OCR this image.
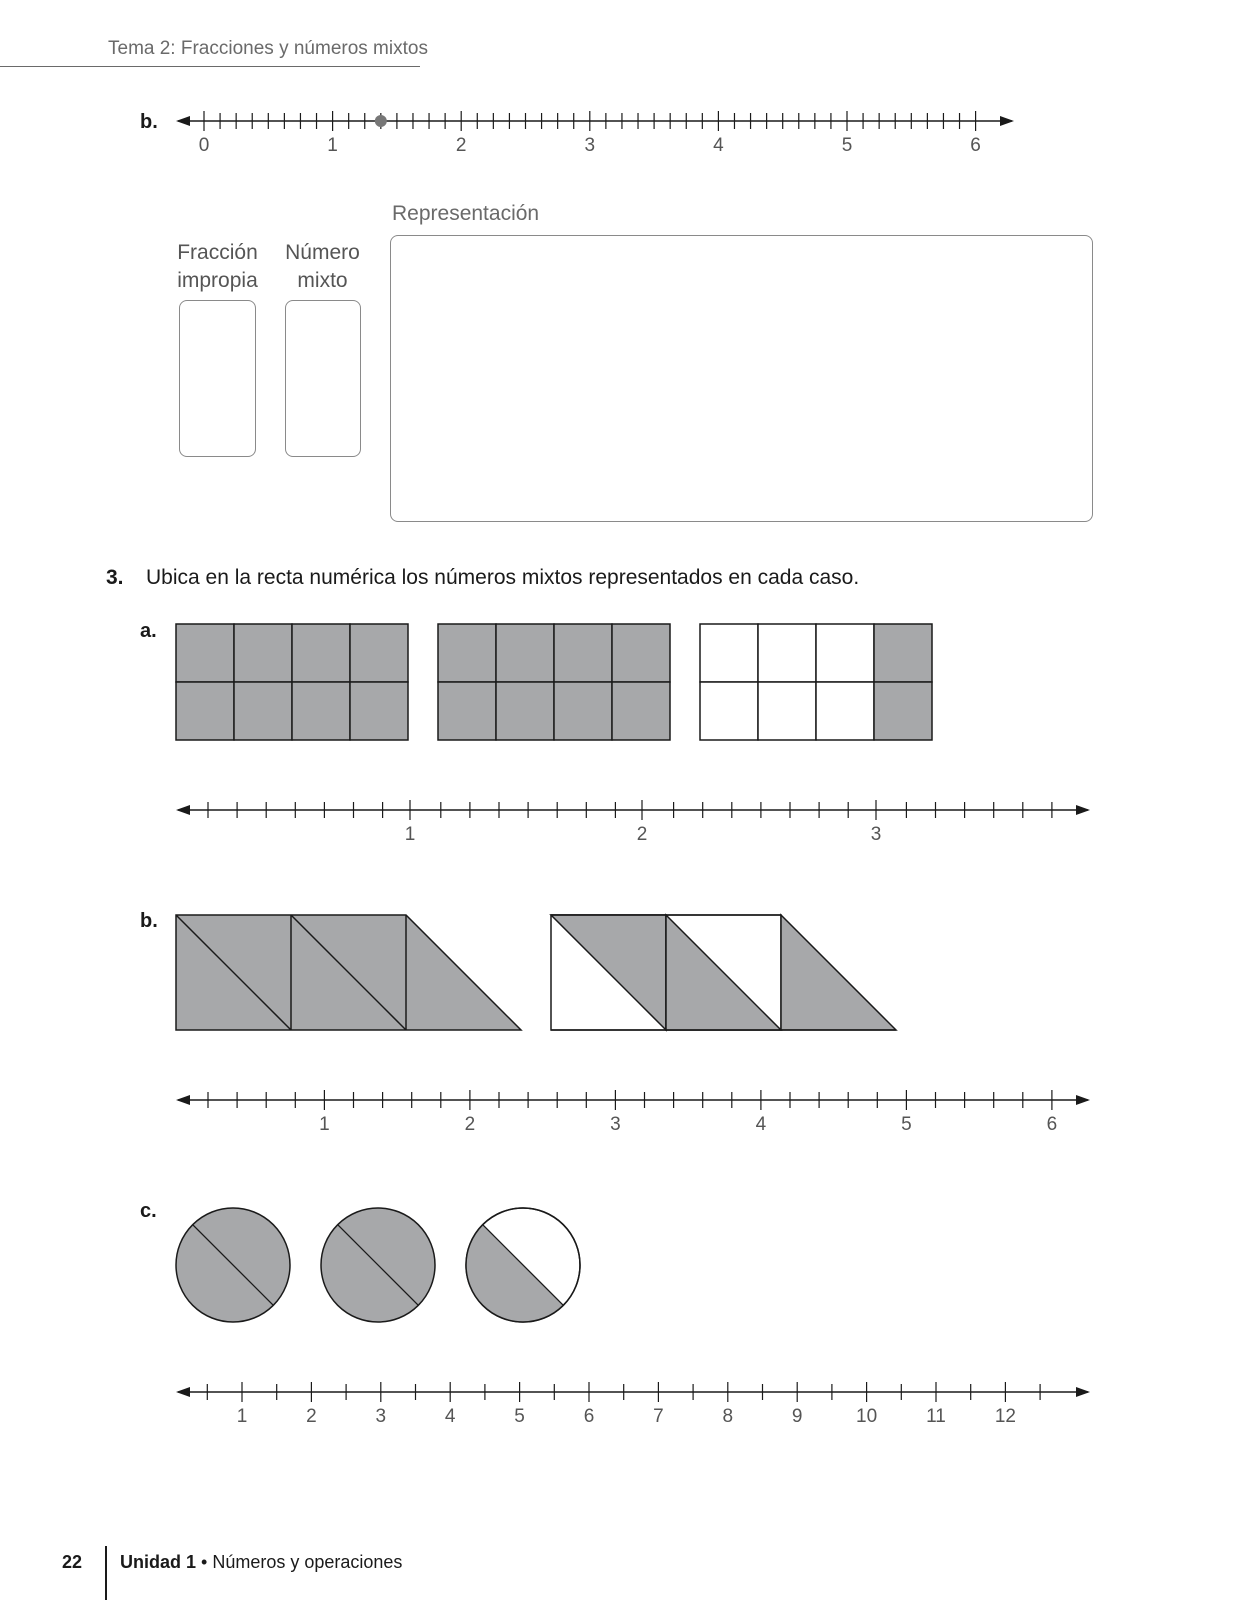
Tema 2: Fracciones y números mixtos
b.
0	1	2	3	4	5	6
Representación
Fracción
impropia
Número
mixto
3. Ubica en la recta numérica los números mixtos representados en cada caso.
a.
1	2	3
b.
1	2	3	4	5	6
c.
1	2	3	4	5	6	7	8	9	10	11	12
22 Unidad 1 • Números y operaciones
